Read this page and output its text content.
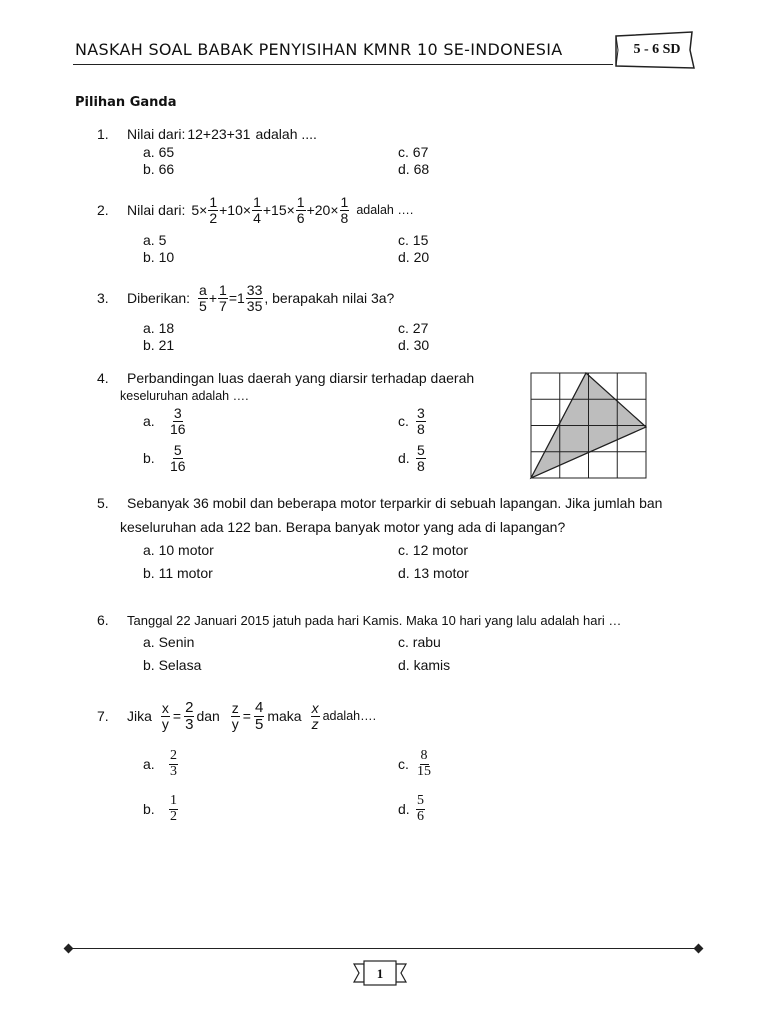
NASKAH SOAL BABAK PENYISIHAN KMNR 10 SE-INDONESIA	5 - 6 SD
Pilihan Ganda
1.	Nilai dari: 12+23+31 adalah ....
a. 65
b. 66
c. 67
d. 68
2.	Nilai dari: $5\times \frac{1}{2} +10\times \frac{1}{4} +15\times \frac{1}{6} +20\times \frac{1}{8}$ adalah ….
a. 5
b. 10
c. 15
d. 20
3.	Diberikan: $\frac{a}{5} + \frac{1}{7} =1 \frac{33}{35}$ , berapakah nilai 3a?
a. 18
b. 21
c. 27
d. 30
4.	Perbandingan luas daerah yang diarsir terhadap daerah
keseluruhan adalah ….
a.	$\frac{3}{16}$
b.	$\frac{5}{16}$
c. $\frac{3}{8}$
d. $\frac{5}{8}$
5.	Sebanyak 36 mobil dan beberapa motor terparkir di sebuah lapangan. Jika jumlah ban
keseluruhan ada 122 ban. Berapa banyak motor yang ada di lapangan?
a. 10 motor
b. 11 motor
c. 12 motor
d. 13 motor
6.	Tanggal 22 Januari 2015 jatuh pada hari Kamis. Maka 10 hari yang lalu adalah hari …
a. Senin
b. Selasa
c. rabu
d. kamis
7.	Jika $\frac{x}{y} = \frac{2}{3}$ dan $\frac{z}{y} = \frac{4}{5}$ maka $\frac{x}{z}$ adalah….
a.	$\frac{2}{3}$
b.	$\frac{1}{2}$
c. $\frac{8}{15}$
d. $\frac{5}{6}$
1
